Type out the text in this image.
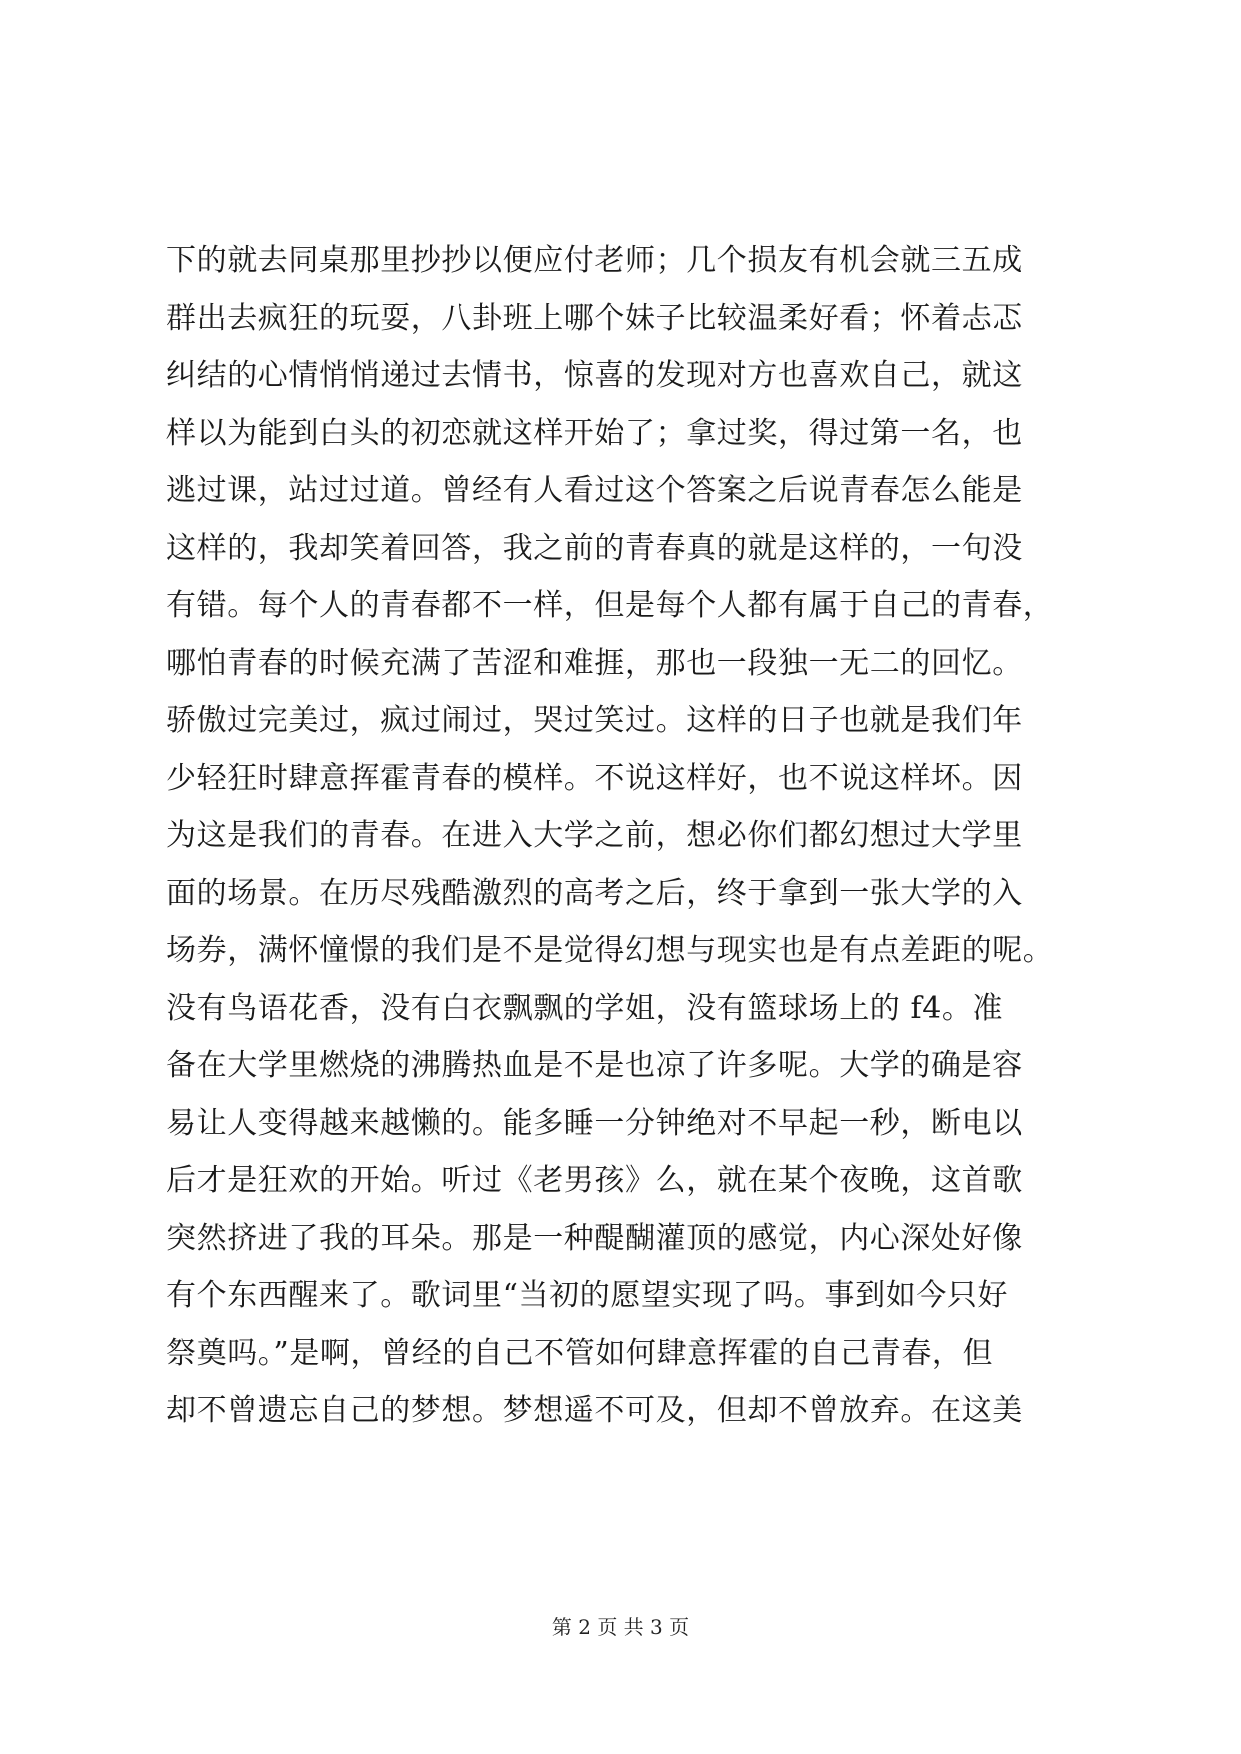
下的就去同桌那里抄抄以便应付老师；几个损友有机会就三五成
群出去疯狂的玩耍，八卦班上哪个妹子比较温柔好看；怀着忐忑
纠结的心情悄悄递过去情书，惊喜的发现对方也喜欢自己，就这
样以为能到白头的初恋就这样开始了；拿过奖，得过第一名，也
逃过课，站过过道。曾经有人看过这个答案之后说青春怎么能是
这样的，我却笑着回答，我之前的青春真的就是这样的，一句没
有错。每个人的青春都不一样，但是每个人都有属于自己的青春，
哪怕青春的时候充满了苦涩和难捱，那也一段独一无二的回忆。
骄傲过完美过，疯过闹过，哭过笑过。这样的日子也就是我们年
少轻狂时肆意挥霍青春的模样。不说这样好，也不说这样坏。因
为这是我们的青春。在进入大学之前，想必你们都幻想过大学里
面的场景。在历尽残酷激烈的高考之后，终于拿到一张大学的入
场券，满怀憧憬的我们是不是觉得幻想与现实也是有点差距的呢。
没有鸟语花香，没有白衣飘飘的学姐，没有篮球场上的 f4。准
备在大学里燃烧的沸腾热血是不是也凉了许多呢。大学的确是容
易让人变得越来越懒的。能多睡一分钟绝对不早起一秒，断电以
后才是狂欢的开始。听过《老男孩》么，就在某个夜晚，这首歌
突然挤进了我的耳朵。那是一种醍醐灌顶的感觉，内心深处好像
有个东西醒来了。歌词里“当初的愿望实现了吗。事到如今只好
祭奠吗。”是啊，曾经的自己不管如何肆意挥霍的自己青春，但
却不曾遗忘自己的梦想。梦想遥不可及，但却不曾放弃。在这美
第 2 页 共 3 页
